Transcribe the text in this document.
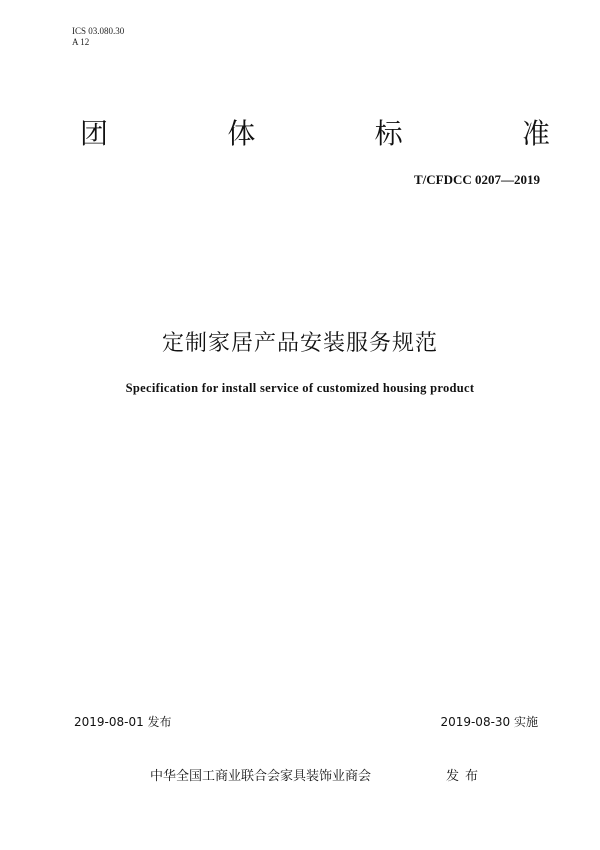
ICS 03.080.30
A 12
团	体	标	准
T/CFDCC 0207—2019
定制家居产品安装服务规范
Specification for install service of customized housing product
2019-08-01 发布	2019-08-30 实施
中华全国工商业联合会家具装饰业商会	发布
